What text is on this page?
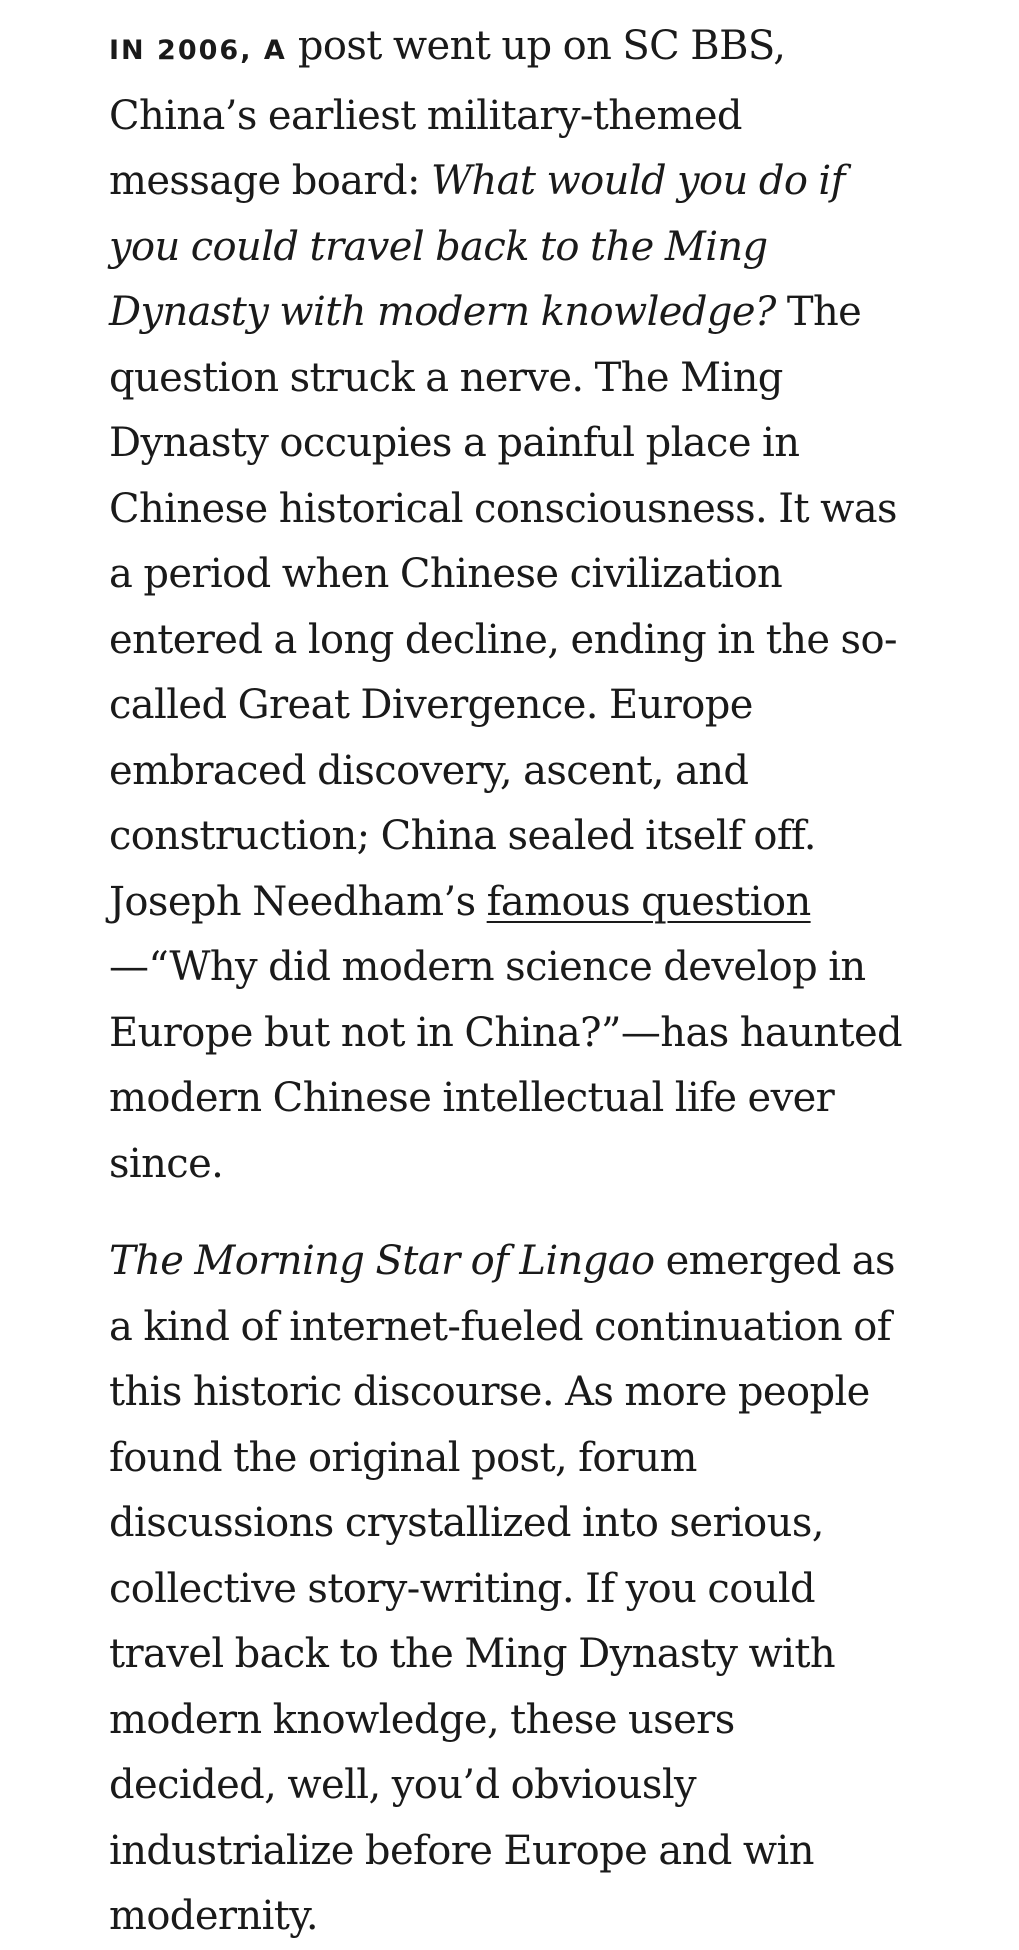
IN 2006, A post went up on SC BBS, China’s earliest military-themed message board: What would you do if you could travel back to the Ming Dynasty with modern knowledge? The question struck a nerve. The Ming Dynasty occupies a painful place in Chinese historical consciousness. It was a period when Chinese civilization entered a long decline, ending in the so-called Great Divergence. Europe embraced discovery, ascent, and construction; China sealed itself off. Joseph Needham’s famous question—“Why did modern science develop in Europe but not in China?”—has haunted modern Chinese intellectual life ever since.

The Morning Star of Lingao emerged as a kind of internet-fueled continuation of this historic discourse. As more people found the original post, forum discussions crystallized into serious, collective story-writing. If you could travel back to the Ming Dynasty with modern knowledge, these users decided, well, you’d obviously industrialize before Europe and win modernity.
